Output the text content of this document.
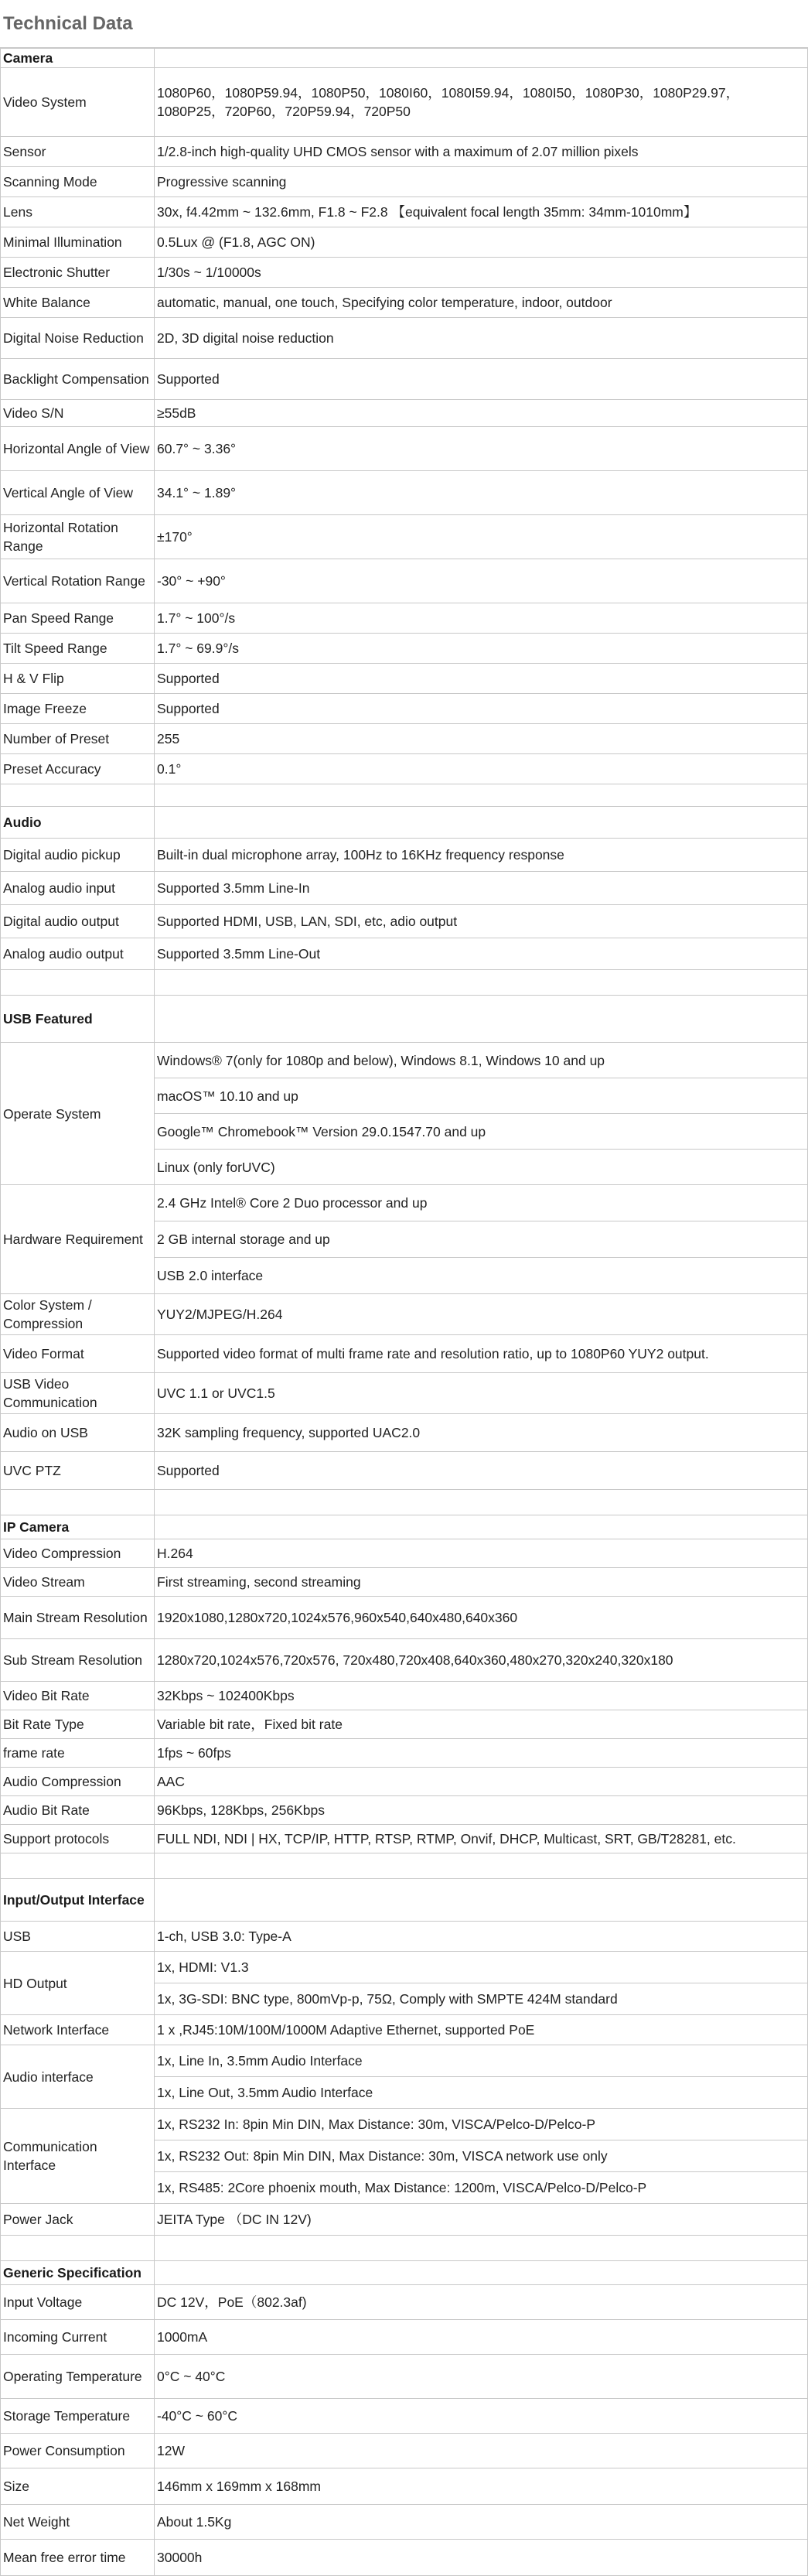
Technical Data
Camera	
Video System	1080P60，1080P59.94，1080P50，1080I60，1080I59.94，1080I50，1080P30，1080P29.97，1080P25，720P60，720P59.94，720P50
Sensor	1/2.8-inch high-quality UHD CMOS sensor with a maximum of 2.07 million pixels
Scanning Mode	Progressive scanning
Lens	30x, f4.42mm ~ 132.6mm, F1.8 ~ F2.8 【equivalent focal length 35mm: 34mm-1010mm】
Minimal Illumination	0.5Lux @ (F1.8, AGC ON)
Electronic Shutter	1/30s ~ 1/10000s
White Balance	automatic, manual, one touch, Specifying color temperature, indoor, outdoor
Digital Noise Reduction	2D, 3D digital noise reduction
Backlight Compensation	Supported
Video S/N	≥55dB
Horizontal Angle of View	60.7° ~ 3.36°
Vertical Angle of View	34.1° ~ 1.89°
Horizontal Rotation Range	±170°
Vertical Rotation Range	-30° ~ +90°
Pan Speed Range	1.7° ~ 100°/s
Tilt Speed Range	1.7° ~ 69.9°/s
H & V Flip	Supported
Image Freeze	Supported
Number of Preset	255
Preset Accuracy	0.1°

Audio	
Digital audio pickup	Built-in dual microphone array, 100Hz to 16KHz frequency response
Analog audio input	Supported 3.5mm Line-In
Digital audio output	Supported HDMI, USB, LAN, SDI, etc, adio output
Analog audio output	Supported 3.5mm Line-Out

USB Featured	
Operate System	Windows® 7(only for 1080p and below), Windows 8.1, Windows 10 and up
	macOS™ 10.10 and up
	Google™ Chromebook™ Version 29.0.1547.70 and up
	Linux (only forUVC)
Hardware Requirement	2.4 GHz Intel® Core 2 Duo processor and up
	2 GB internal storage and up
	USB 2.0 interface
Color System / Compression	YUY2/MJPEG/H.264
Video Format	Supported video format of multi frame rate and resolution ratio, up to 1080P60 YUY2 output.
USB Video Communication	UVC 1.1 or UVC1.5
Audio on USB	32K sampling frequency, supported UAC2.0
UVC PTZ	Supported

IP Camera	
Video Compression	H.264
Video Stream	First streaming, second streaming
Main Stream Resolution	1920x1080,1280x720,1024x576,960x540,640x480,640x360
Sub Stream Resolution	1280x720,1024x576,720x576, 720x480,720x408,640x360,480x270,320x240,320x180
Video Bit Rate	32Kbps ~ 102400Kbps
Bit Rate Type	Variable bit rate，Fixed bit rate
frame rate	1fps ~ 60fps
Audio Compression	AAC
Audio Bit Rate	96Kbps, 128Kbps, 256Kbps
Support protocols	FULL NDI, NDI | HX, TCP/IP, HTTP, RTSP, RTMP, Onvif, DHCP, Multicast, SRT, GB/T28281, etc.

Input/Output Interface	
USB	1-ch, USB 3.0: Type-A
HD Output	1x, HDMI: V1.3
	1x, 3G-SDI: BNC type, 800mVp-p, 75Ω, Comply with SMPTE 424M standard
Network Interface	1 x ,RJ45:10M/100M/1000M Adaptive Ethernet, supported PoE
Audio interface	1x, Line In, 3.5mm Audio Interface
	1x, Line Out, 3.5mm Audio Interface
Communication Interface	1x, RS232 In: 8pin Min DIN, Max Distance: 30m, VISCA/Pelco-D/Pelco-P
	1x, RS232 Out: 8pin Min DIN, Max Distance: 30m, VISCA network use only
	1x, RS485: 2Core phoenix mouth, Max Distance: 1200m, VISCA/Pelco-D/Pelco-P
Power Jack	JEITA Type （DC IN 12V)

Generic Specification	
Input Voltage	DC 12V，PoE（802.3af)
Incoming Current	1000mA
Operating Temperature	0°C ~ 40°C
Storage Temperature	-40°C ~ 60°C
Power Consumption	12W
Size	146mm x 169mm x 168mm
Net Weight	About 1.5Kg
Mean free error time	30000h
